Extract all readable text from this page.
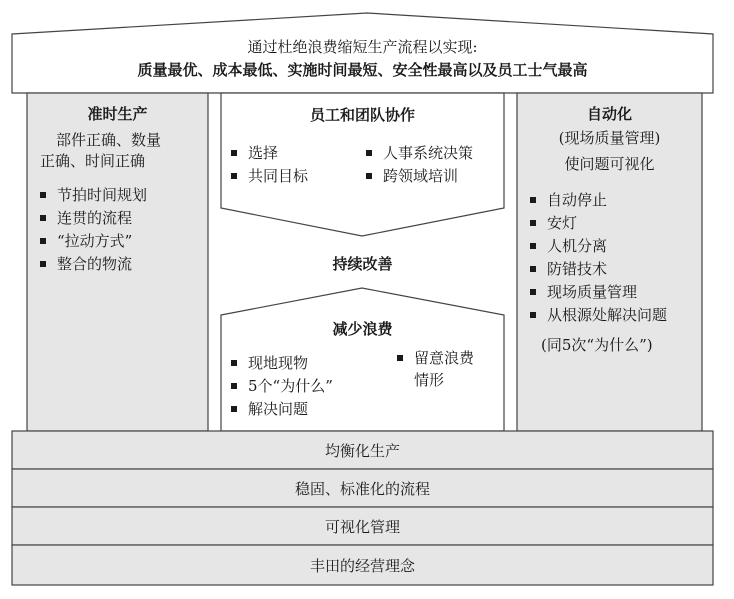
通过杜绝浪费缩短生产流程以实现:
质量最优、成本最低、实施时间最短、安全性最高以及员工士气最高
准时生产
部件正确、数量
正确、时间正确
节拍时间规划
连贯的流程
“拉动方式”
整合的物流
员工和团队协作
选择
共同目标
人事系统决策
跨领域培训
持续改善
减少浪费
现地现物
5个“为什么”
解决问题
留意浪费
情形
自动化
(现场质量管理)
使问题可视化
自动停止
安灯
人机分离
防错技术
现场质量管理
从根源处解决问题
(同5次“为什么”)
均衡化生产
稳固、标准化的流程
可视化管理
丰田的经营理念
